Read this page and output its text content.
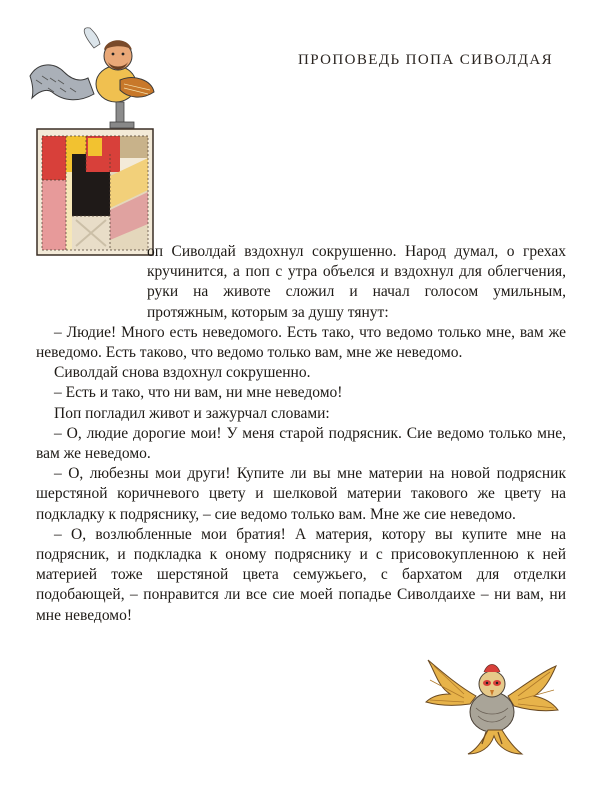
ПРОПОВЕДЬ ПОПА СИВОЛДАЯ

оп Сиволдай вздохнул сокрушенно. Народ думал, о грехах кручинится, а поп с утра объелся и вздохнул для облегчения, руки на животе сложил и начал голосом умильным, протяжным, которым за душу тянут:

– Людие! Много есть неведомого. Есть тако, что ведомо только мне, вам же неведомо. Есть таково, что ведомо только вам, мне же неведомо.

Сиволдай снова вздохнул сокрушенно.

– Есть и тако, что ни вам, ни мне неведомо!

Поп погладил живот и зажурчал словами:

– О, людие дорогие мои! У меня старой подрясник. Сие ведомо только мне, вам же неведомо.

– О, любезны мои други! Купите ли вы мне материи на новой подрясник шерстяной коричневого цвету и шелковой материи такового же цвету на подкладку к подряснику, – сие ведомо только вам. Мне же сие неведомо.

– О, возлюбленные мои братия! А материя, котору вы купите мне на подрясник, и подкладка к оному подряснику и с присовокупленною к ней материей тоже шерстяной цвета семужьего, с бархатом для отделки подобающей, – понравится ли все сие моей попадье Сиволдаихе – ни вам, ни мне неведомо!
